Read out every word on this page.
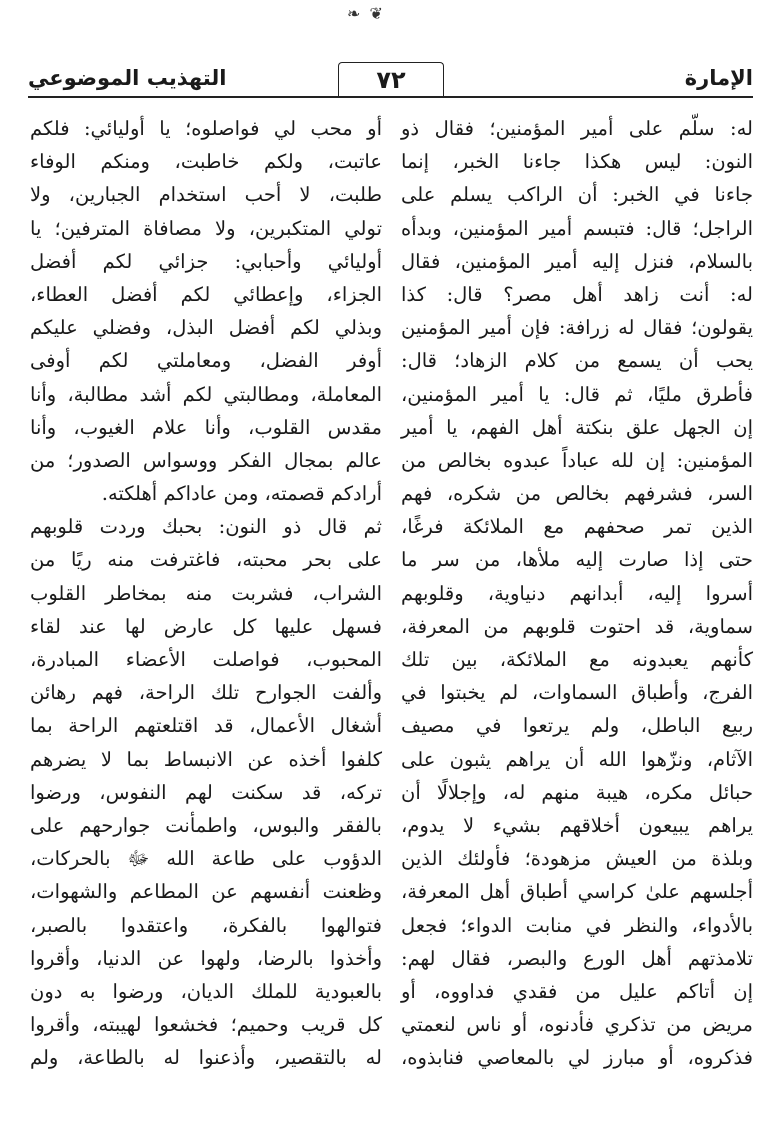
❦ ❧
الإمارة
٧٢
التهذيب الموضوعي
له: سلّم على أمير المؤمنين؛ فقال ذو
النون: ليس هكذا جاءنا الخبر، إنما
جاءنا في الخبر: أن الراكب يسلم على
الراجل؛ قال: فتبسم أمير المؤمنين، وبدأه
بالسلام، فنزل إليه أمير المؤمنين، فقال
له: أنت زاهد أهل مصر؟ قال: كذا
يقولون؛ فقال له زرافة: فإن أمير المؤمنين
يحب أن يسمع من كلام الزهاد؛ قال:
فأطرق مليًا، ثم قال: يا أمير المؤمنين،
إن الجهل علق بنكتة أهل الفهم، يا أمير
المؤمنين: إن لله عباداً عبدوه بخالص من
السر، فشرفهم بخالص من شكره، فهم
الذين تمر صحفهم مع الملائكة فرغًا،
حتى إذا صارت إليه ملأها، من سر ما
أسروا إليه، أبدانهم دنياوية، وقلوبهم
سماوية، قد احتوت قلوبهم من المعرفة،
كأنهم يعبدونه مع الملائكة، بين تلك
الفرج، وأطباق السماوات، لم يخبتوا في
ربيع الباطل، ولم يرتعوا في مصيف
الآثام، ونزّهوا الله أن يراهم يثبون على
حبائل مكره، هيبة منهم له، وإجلالًا أن
يراهم يبيعون أخلاقهم بشيء لا يدوم،
وبلذة من العيش مزهودة؛ فأولئك الذين
أجلسهم علىٰ كراسي أطباق أهل المعرفة،
بالأدواء، والنظر في منابت الدواء؛ فجعل
تلامذتهم أهل الورع والبصر، فقال لهم:
إن أتاكم عليل من فقدي فداووه، أو
مريض من تذكري فأدنوه، أو ناس لنعمتي
فذكروه، أو مبارز لي بالمعاصي فنابذوه،
أو محب لي فواصلوه؛ يا أوليائي: فلكم
عاتبت، ولكم خاطبت، ومنكم الوفاء
طلبت، لا أحب استخدام الجبارين، ولا
تولي المتكبرين، ولا مصافاة المترفين؛ يا
أوليائي وأحبابي: جزائي لكم أفضل
الجزاء، وإعطائي لكم أفضل العطاء،
وبذلي لكم أفضل البذل، وفضلي عليكم
أوفر الفضل، ومعاملتي لكم أوفى
المعاملة، ومطالبتي لكم أشد مطالبة، وأنا
مقدس القلوب، وأنا علام الغيوب، وأنا
عالم بمجال الفكر ووسواس الصدور؛ من
أرادكم قصمته، ومن عاداكم أهلكته.
ثم قال ذو النون: بحبك وردت قلوبهم
على بحر محبته، فاغترفت منه ريًا من
الشراب، فشربت منه بمخاطر القلوب
فسهل عليها كل عارض لها عند لقاء
المحبوب، فواصلت الأعضاء المبادرة،
وألفت الجوارح تلك الراحة، فهم رهائن
أشغال الأعمال، قد اقتلعتهم الراحة بما
كلفوا أخذه عن الانبساط بما لا يضرهم
تركه، قد سكنت لهم النفوس، ورضوا
بالفقر والبوس، واطمأنت جوارحهم على
الدؤوب على طاعة الله ﷻ بالحركات،
وظعنت أنفسهم عن المطاعم والشهوات،
فتوالهوا بالفكرة، واعتقدوا بالصبر،
وأخذوا بالرضا، ولهوا عن الدنيا، وأقروا
بالعبودية للملك الديان، ورضوا به دون
كل قريب وحميم؛ فخشعوا لهيبته، وأقروا
له بالتقصير، وأذعنوا له بالطاعة، ولم
